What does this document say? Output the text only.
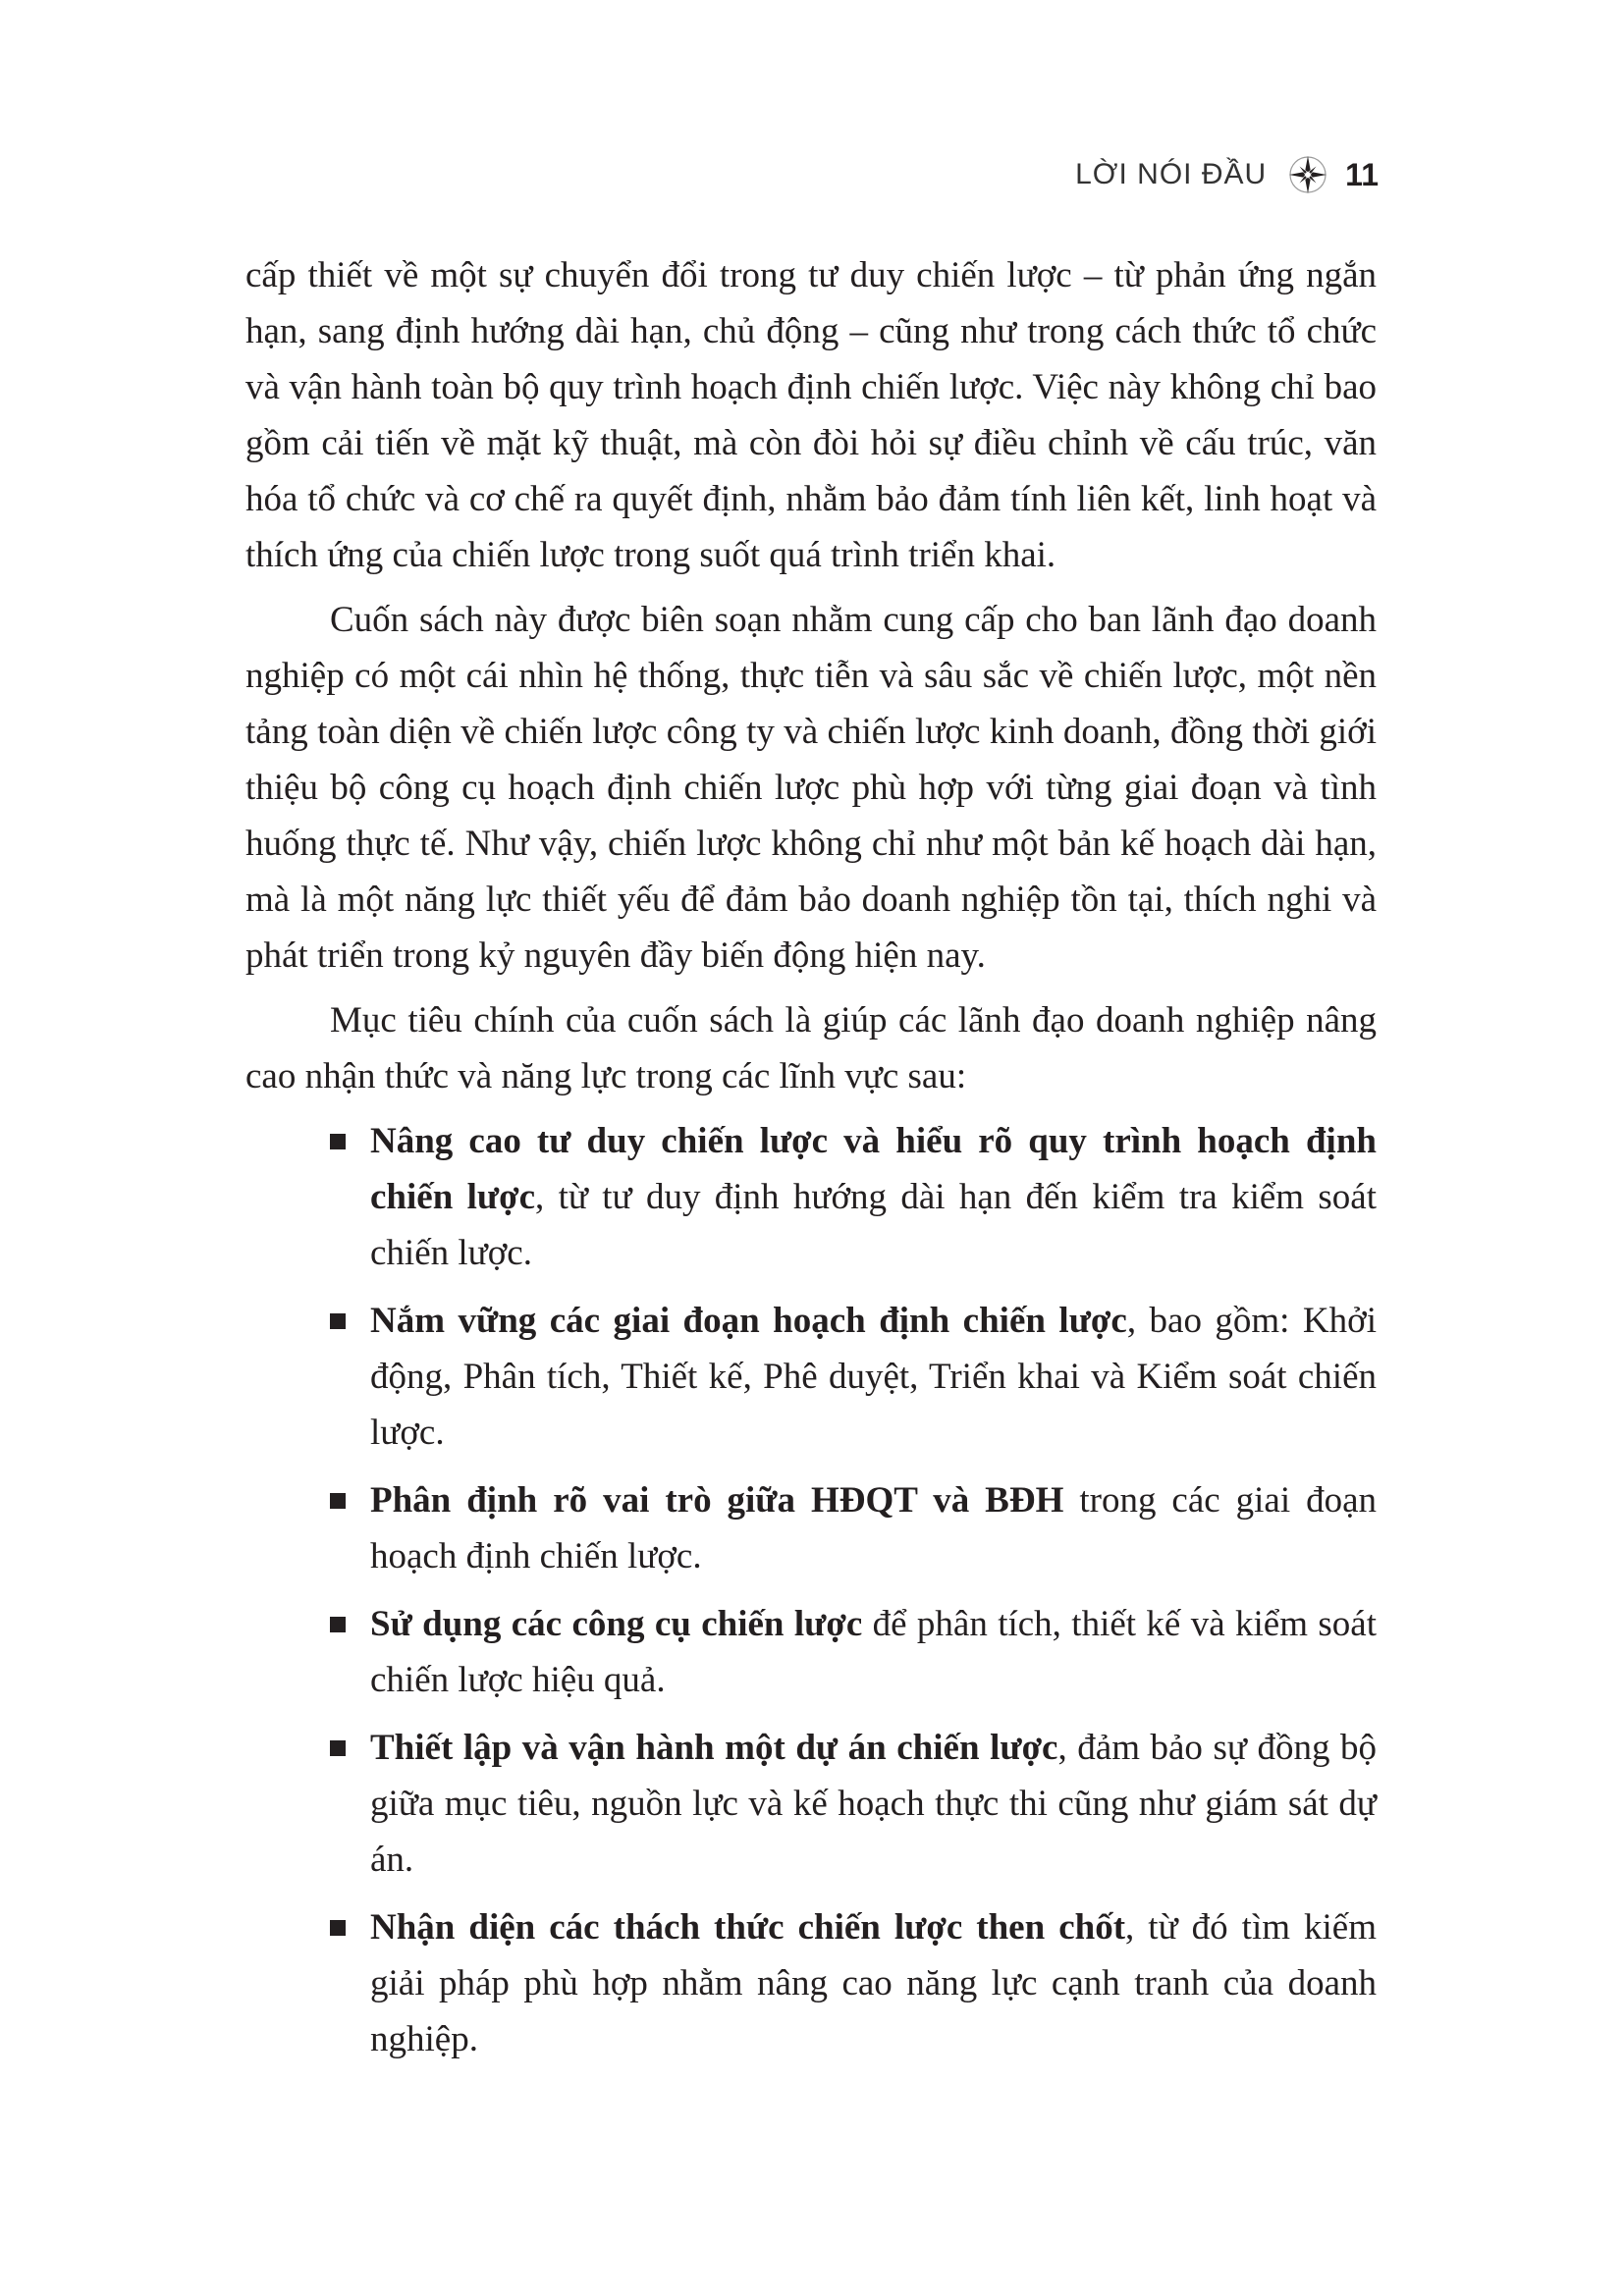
LỜI NÓI ĐẦU	11

cấp thiết về một sự chuyển đổi trong tư duy chiến lược – từ phản ứng ngắn hạn, sang định hướng dài hạn, chủ động – cũng như trong cách thức tổ chức và vận hành toàn bộ quy trình hoạch định chiến lược. Việc này không chỉ bao gồm cải tiến về mặt kỹ thuật, mà còn đòi hỏi sự điều chỉnh về cấu trúc, văn hóa tổ chức và cơ chế ra quyết định, nhằm bảo đảm tính liên kết, linh hoạt và thích ứng của chiến lược trong suốt quá trình triển khai.

Cuốn sách này được biên soạn nhằm cung cấp cho ban lãnh đạo doanh nghiệp có một cái nhìn hệ thống, thực tiễn và sâu sắc về chiến lược, một nền tảng toàn diện về chiến lược công ty và chiến lược kinh doanh, đồng thời giới thiệu bộ công cụ hoạch định chiến lược phù hợp với từng giai đoạn và tình huống thực tế. Như vậy, chiến lược không chỉ như một bản kế hoạch dài hạn, mà là một năng lực thiết yếu để đảm bảo doanh nghiệp tồn tại, thích nghi và phát triển trong kỷ nguyên đầy biến động hiện nay.

Mục tiêu chính của cuốn sách là giúp các lãnh đạo doanh nghiệp nâng cao nhận thức và năng lực trong các lĩnh vực sau:

Nâng cao tư duy chiến lược và hiểu rõ quy trình hoạch định chiến lược, từ tư duy định hướng dài hạn đến kiểm tra kiểm soát chiến lược.
Nắm vững các giai đoạn hoạch định chiến lược, bao gồm: Khởi động, Phân tích, Thiết kế, Phê duyệt, Triển khai và Kiểm soát chiến lược.
Phân định rõ vai trò giữa HĐQT và BĐH trong các giai đoạn hoạch định chiến lược.
Sử dụng các công cụ chiến lược để phân tích, thiết kế và kiểm soát chiến lược hiệu quả.
Thiết lập và vận hành một dự án chiến lược, đảm bảo sự đồng bộ giữa mục tiêu, nguồn lực và kế hoạch thực thi cũng như giám sát dự án.
Nhận diện các thách thức chiến lược then chốt, từ đó tìm kiếm giải pháp phù hợp nhằm nâng cao năng lực cạnh tranh của doanh nghiệp.
